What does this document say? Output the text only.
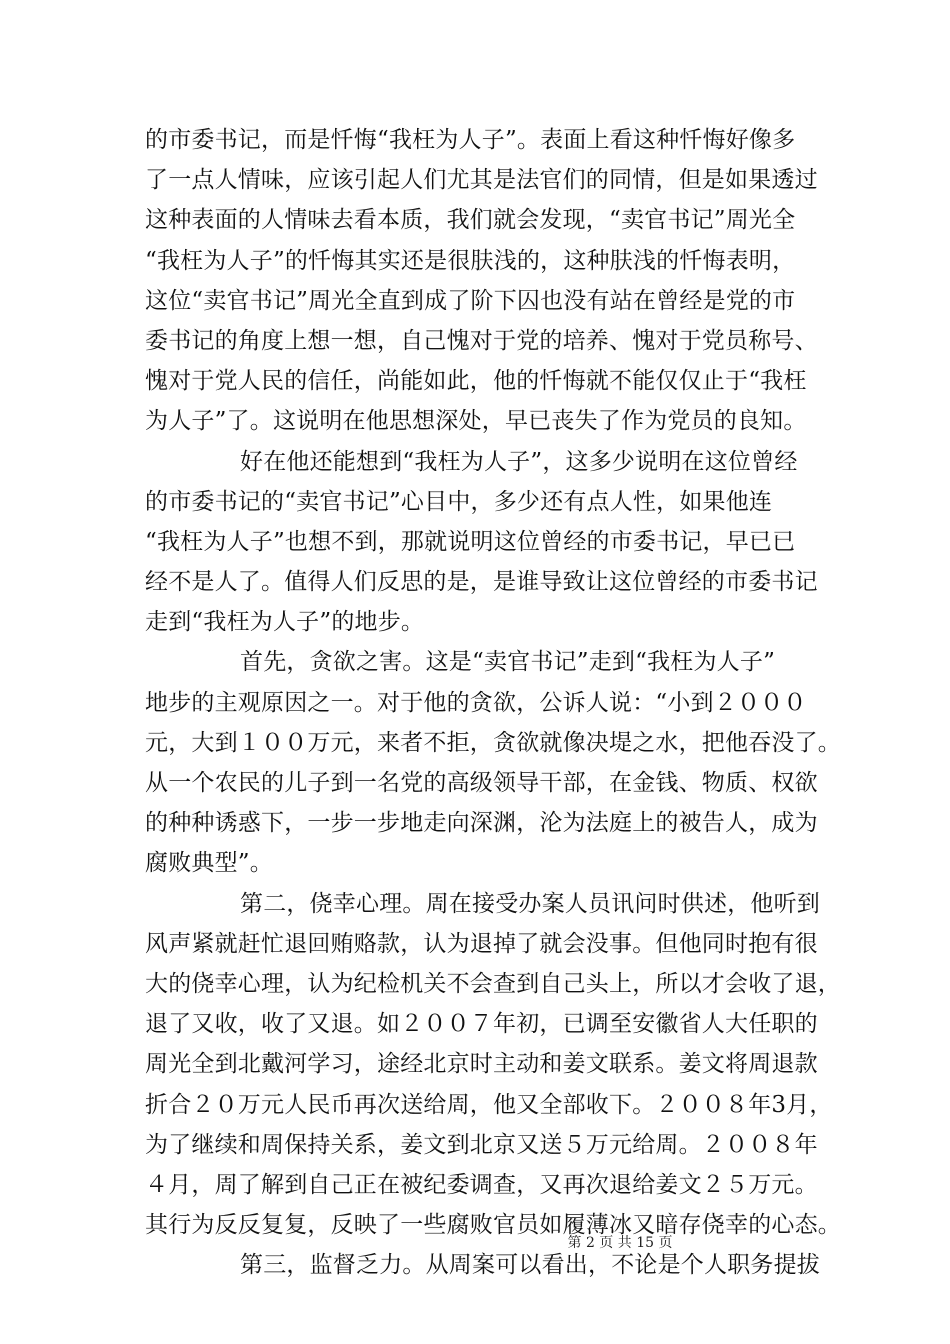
的市委书记，而是忏悔“我枉为人子”。表面上看这种忏悔好像多
了一点人情味，应该引起人们尤其是法官们的同情，但是如果透过
这种表面的人情味去看本质，我们就会发现，“卖官书记”周光全
“我枉为人子”的忏悔其实还是很肤浅的，这种肤浅的忏悔表明，
这位“卖官书记”周光全直到成了阶下囚也没有站在曾经是党的市
委书记的角度上想一想，自己愧对于党的培养、愧对于党员称号、
愧对于党人民的信任，尚能如此，他的忏悔就不能仅仅止于“我枉
为人子”了。这说明在他思想深处，早已丧失了作为党员的良知。
好在他还能想到“我枉为人子”，这多少说明在这位曾经
的市委书记的“卖官书记”心目中，多少还有点人性，如果他连
“我枉为人子”也想不到，那就说明这位曾经的市委书记，早已已
经不是人了。值得人们反思的是，是谁导致让这位曾经的市委书记
走到“我枉为人子”的地步。
首先，贪欲之害。这是“卖官书记”走到“我枉为人子”
地步的主观原因之一。对于他的贪欲，公诉人说：“小到２０００
元，大到１００万元，来者不拒，贪欲就像决堤之水，把他吞没了。
从一个农民的儿子到一名党的高级领导干部，在金钱、物质、权欲
的种种诱惑下，一步一步地走向深渊，沦为法庭上的被告人，成为
腐败典型”。
第二，侥幸心理。周在接受办案人员讯问时供述，他听到
风声紧就赶忙退回贿赂款，认为退掉了就会没事。但他同时抱有很
大的侥幸心理，认为纪检机关不会查到自己头上，所以才会收了退，
退了又收，收了又退。如２００７年初，已调至安徽省人大任职的
周光全到北戴河学习，途经北京时主动和姜文联系。姜文将周退款
折合２０万元人民币再次送给周，他又全部收下。２００８年3月，
为了继续和周保持关系，姜文到北京又送５万元给周。２００８年
４月，周了解到自己正在被纪委调查，又再次退给姜文２５万元。
其行为反反复复，反映了一些腐败官员如履薄冰又暗存侥幸的心态。
第三，监督乏力。从周案可以看出，不论是个人职务提拔
第 2 页 共 15 页
